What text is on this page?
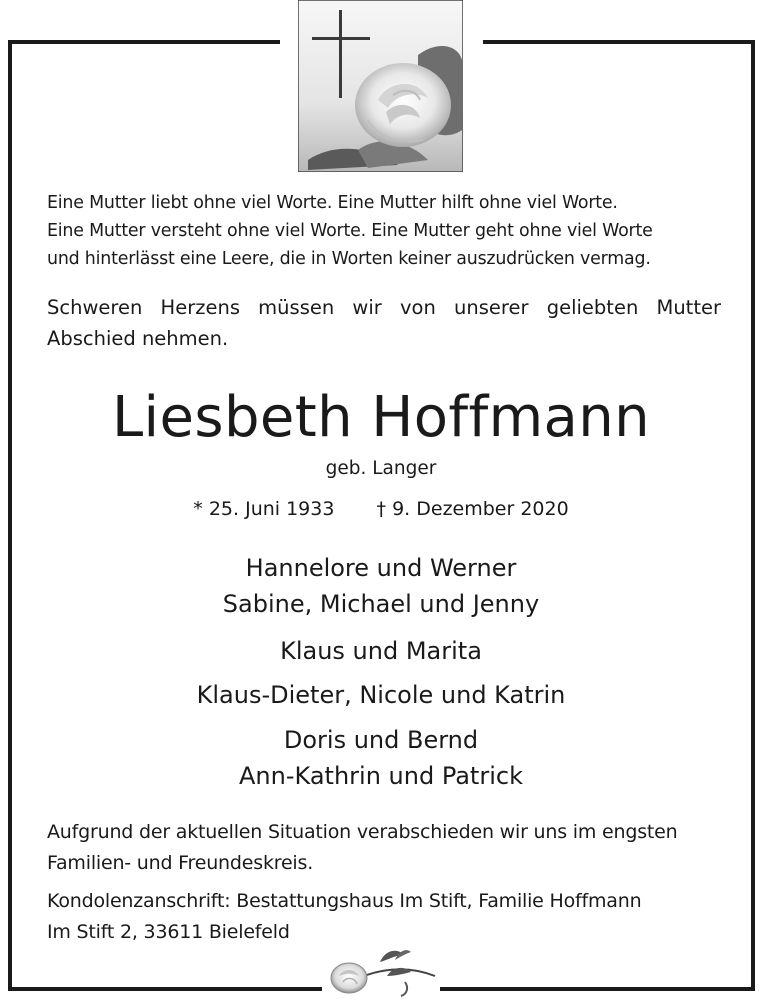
Eine Mutter liebt ohne viel Worte. Eine Mutter hilft ohne viel Worte.
Eine Mutter versteht ohne viel Worte. Eine Mutter geht ohne viel Worte
und hinterlässt eine Leere, die in Worten keiner auszudrücken vermag.
Schweren Herzens müssen wir von unserer geliebten Mutter
Abschied nehmen.
Liesbeth Hoffmann
geb. Langer
* 25. Juni 1933 † 9. Dezember 2020
Hannelore und Werner
Sabine, Michael und Jenny
Klaus und Marita
Klaus-Dieter, Nicole und Katrin
Doris und Bernd
Ann-Kathrin und Patrick
Aufgrund der aktuellen Situation verabschieden wir uns im engsten
Familien- und Freundeskreis.
Kondolenzanschrift: Bestattungshaus Im Stift, Familie Hoffmann
Im Stift 2, 33611 Bielefeld
